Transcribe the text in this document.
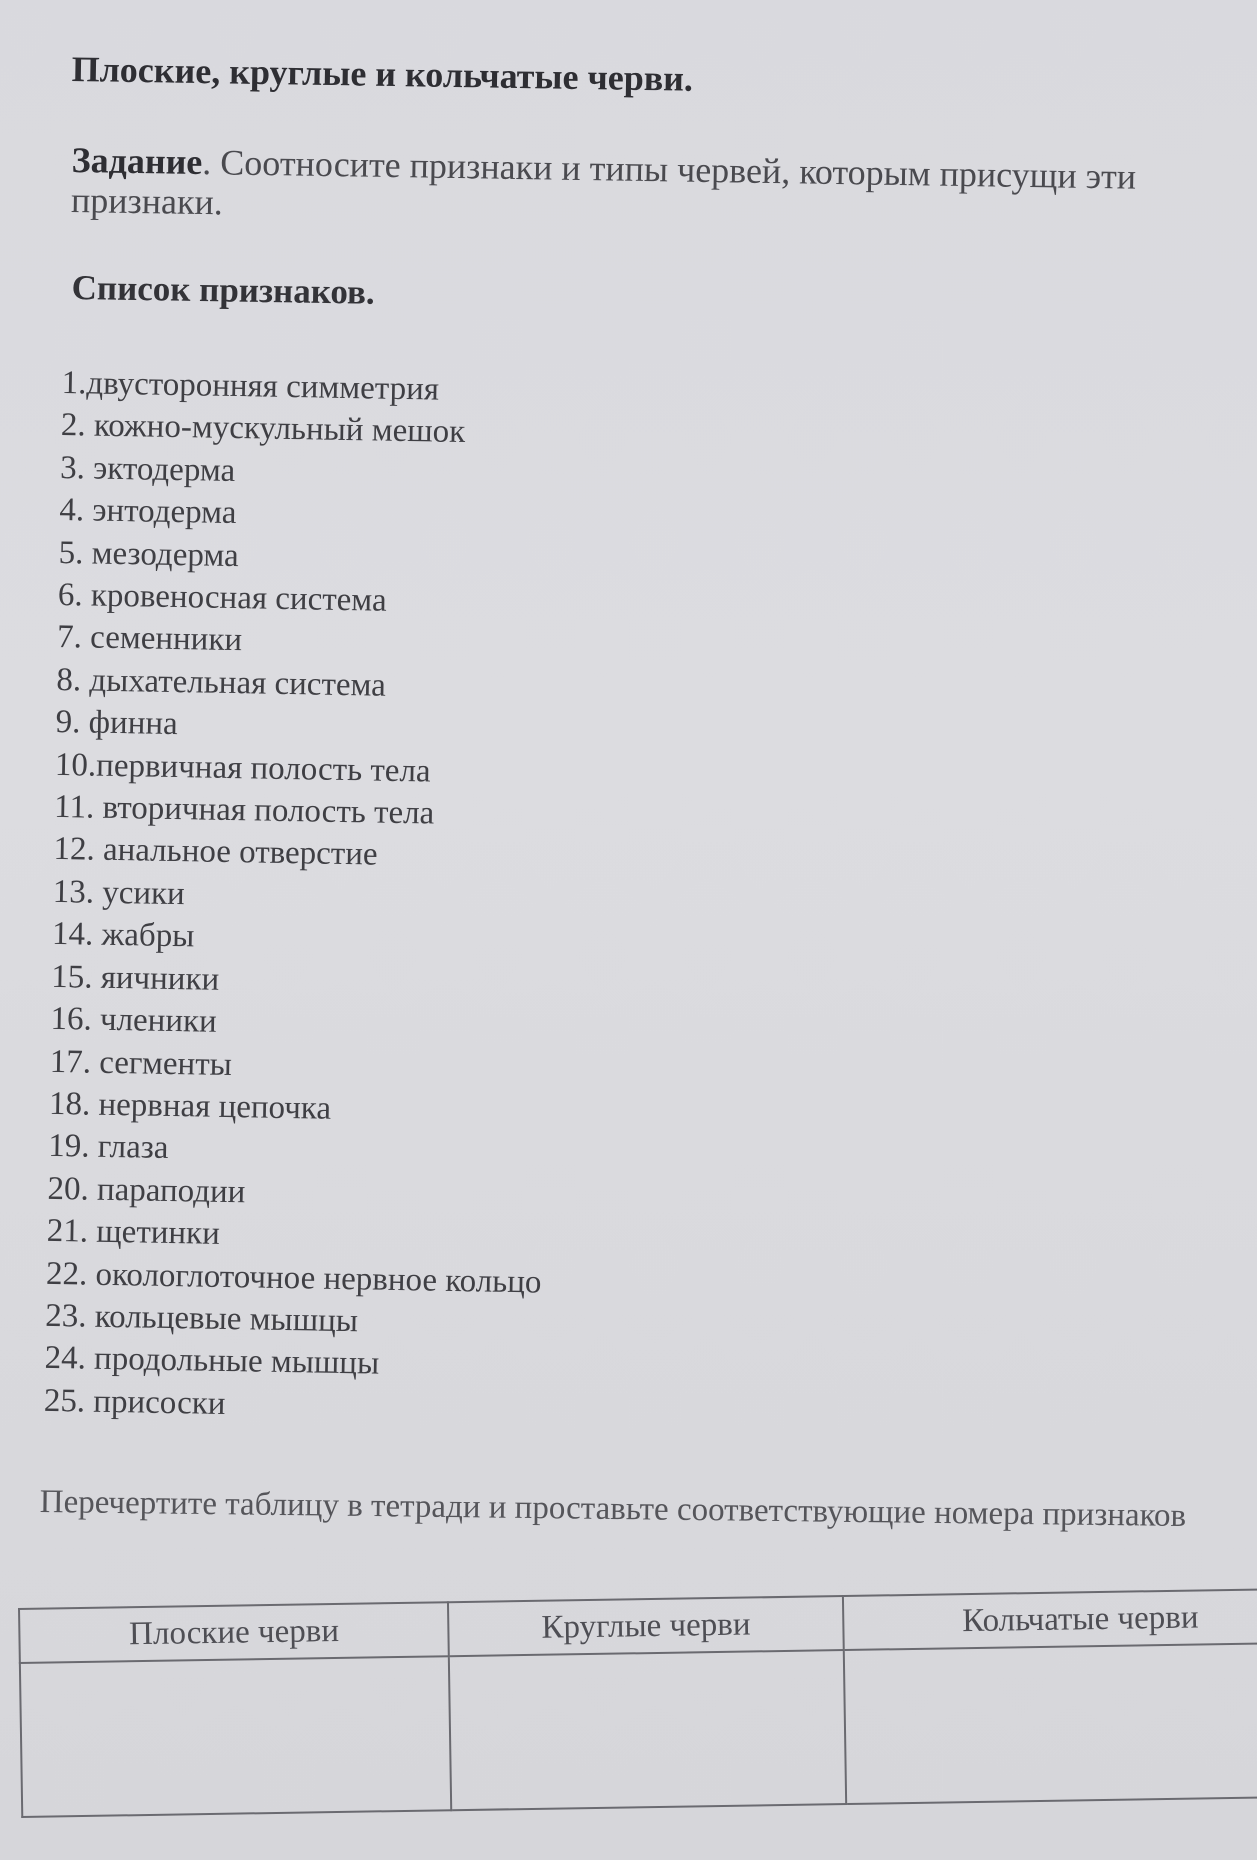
Плоские, круглые и кольчатые черви.
Задание. Соотносите признаки и типы червей, которым присущи эти признаки.
Список признаков.
1.двусторонняя симметрия
2. кожно-мускульный мешок
3. эктодерма
4. энтодерма
5. мезодерма
6. кровеносная система
7. семенники
8. дыхательная система
9. финна
10.первичная полость тела
11. вторичная полость тела
12. анальное отверстие
13. усики
14. жабры
15. яичники
16. членики
17. сегменты
18. нервная цепочка
19. глаза
20. параподии
21. щетинки
22. окологлоточное нервное кольцо
23. кольцевые мышцы
24. продольные мышцы
25. присоски
Перечертите таблицу в тетради и проставьте соответствующие номера признаков
Плоские черви	Круглые черви	Кольчатые черви
